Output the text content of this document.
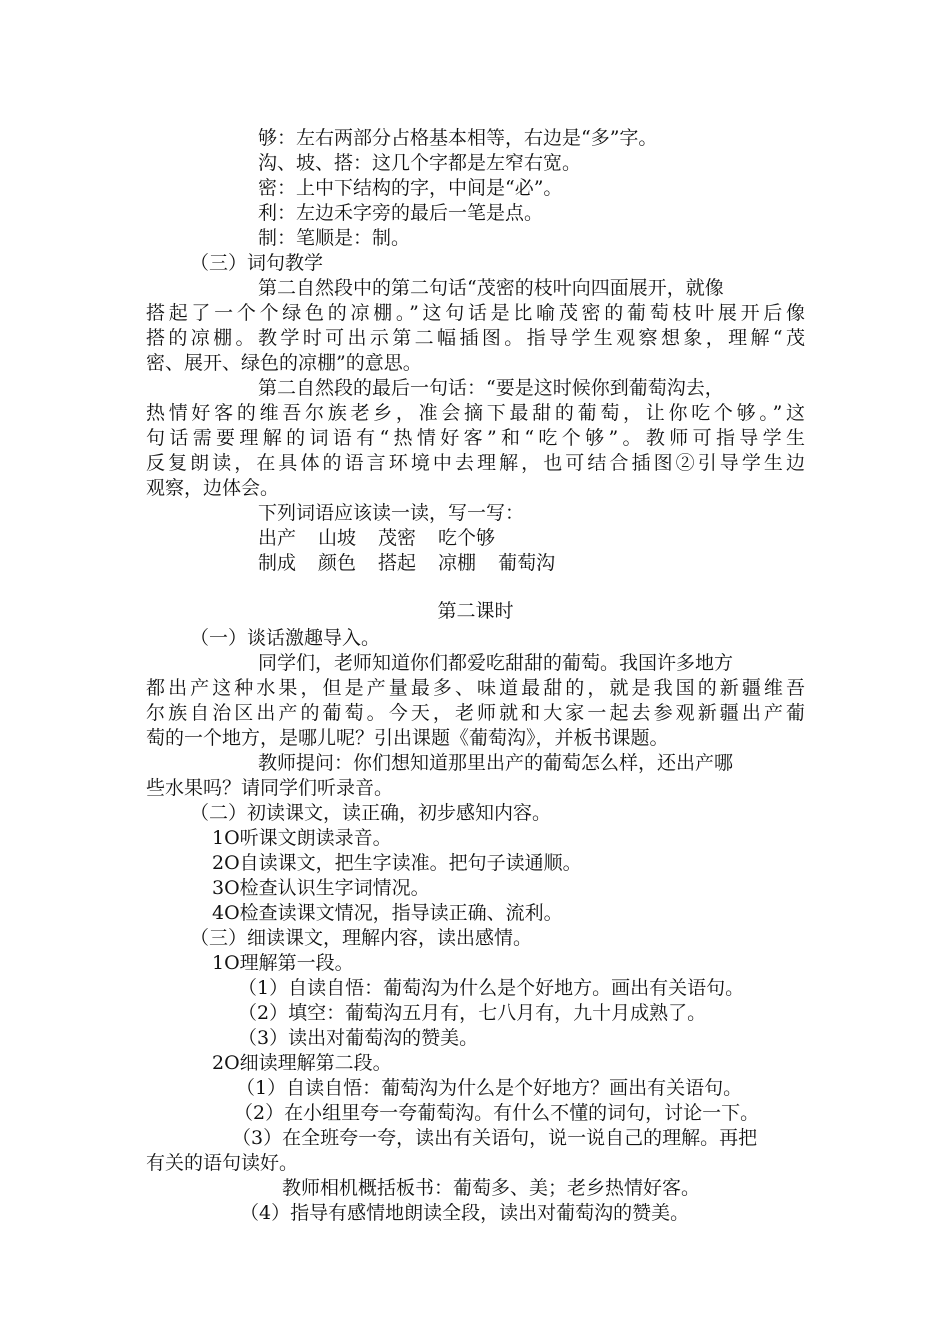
够：左右两部分占格基本相等，右边是“多”字。
沟、坡、搭：这几个字都是左窄右宽。
密：上中下结构的字，中间是“必”。
利：左边禾字旁的最后一笔是点。
制：笔顺是：制。
（三）词句教学
第二自然段中的第二句话“茂密的枝叶向四面展开，就像
搭起了一个个绿色的凉棚。”这句话是比喻茂密的葡萄枝叶展开后像
搭的凉棚。教学时可出示第二幅插图。指导学生观察想象，理解“茂
密、展开、绿色的凉棚”的意思。
第二自然段的最后一句话：“要是这时候你到葡萄沟去，
热情好客的维吾尔族老乡，准会摘下最甜的葡萄，让你吃个够。”这
句话需要理解的词语有“热情好客”和“吃个够”。教师可指导学生
反复朗读，在具体的语言环境中去理解，也可结合插图②引导学生边
观察，边体会。
下列词语应该读一读，写一写：
出产 山坡 茂密 吃个够
制成 颜色 搭起 凉棚 葡萄沟
第二课时
（一）谈话激趣导入。
同学们，老师知道你们都爱吃甜甜的葡萄。我国许多地方
都出产这种水果，但是产量最多、味道最甜的，就是我国的新疆维吾
尔族自治区出产的葡萄。今天，老师就和大家一起去参观新疆出产葡
萄的一个地方，是哪儿呢？引出课题《葡萄沟》，并板书课题。
教师提问：你们想知道那里出产的葡萄怎么样，还出产哪
些水果吗？请同学们听录音。
（二）初读课文，读正确，初步感知内容。
1O听课文朗读录音。
2O自读课文，把生字读准。把句子读通顺。
3O检查认识生字词情况。
4O检查读课文情况，指导读正确、流利。
（三）细读课文，理解内容，读出感情。
1O理解第一段。
（1）自读自悟：葡萄沟为什么是个好地方。画出有关语句。
（2）填空：葡萄沟五月有，七八月有，九十月成熟了。
（3）读出对葡萄沟的赞美。
2O细读理解第二段。
（1）自读自悟：葡萄沟为什么是个好地方？画出有关语句。
（2）在小组里夸一夸葡萄沟。有什么不懂的词句，讨论一下。
（3）在全班夸一夸，读出有关语句，说一说自己的理解。再把
有关的语句读好。
教师相机概括板书：葡萄多、美；老乡热情好客。
（4）指导有感情地朗读全段，读出对葡萄沟的赞美。
